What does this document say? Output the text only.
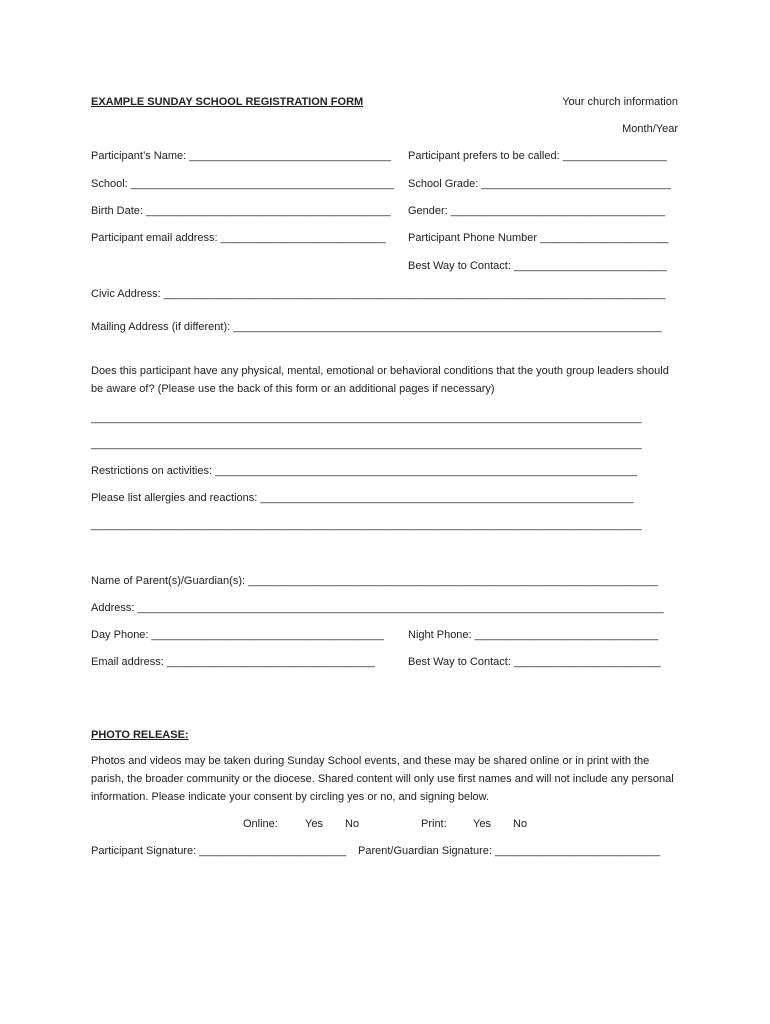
EXAMPLE SUNDAY SCHOOL REGISTRATION FORM	Your church information
Month/Year
Participant’s Name: _________________________________ Participant prefers to be called: _________________
School: ___________________________________________ School Grade: _______________________________
Birth Date: ________________________________________ Gender: ___________________________________
Participant email address: ___________________________ Participant Phone Number _____________________
Best Way to Contact: _________________________
Civic Address: __________________________________________________________________________________
Mailing Address (if different): ______________________________________________________________________
Does this participant have any physical, mental, emotional or behavioral conditions that the youth group leaders should be aware of? (Please use the back of this form or an additional pages if necessary)
__________________________________________________________________________________________
__________________________________________________________________________________________
Restrictions on activities: _____________________________________________________________________
Please list allergies and reactions: _____________________________________________________________
__________________________________________________________________________________________
Name of Parent(s)/Guardian(s): ___________________________________________________________________
Address: ______________________________________________________________________________________
Day Phone: ______________________________________ Night Phone: ______________________________
Email address: __________________________________	Best Way to Contact: ________________________
PHOTO RELEASE:
Photos and videos may be taken during Sunday School events, and these may be shared online or in print with the parish, the broader community or the diocese. Shared content will only use first names and will not include any personal information. Please indicate your consent by circling yes or no, and signing below.
Online: Yes No	Print: Yes No
Participant Signature: ________________________ Parent/Guardian Signature: ___________________________
